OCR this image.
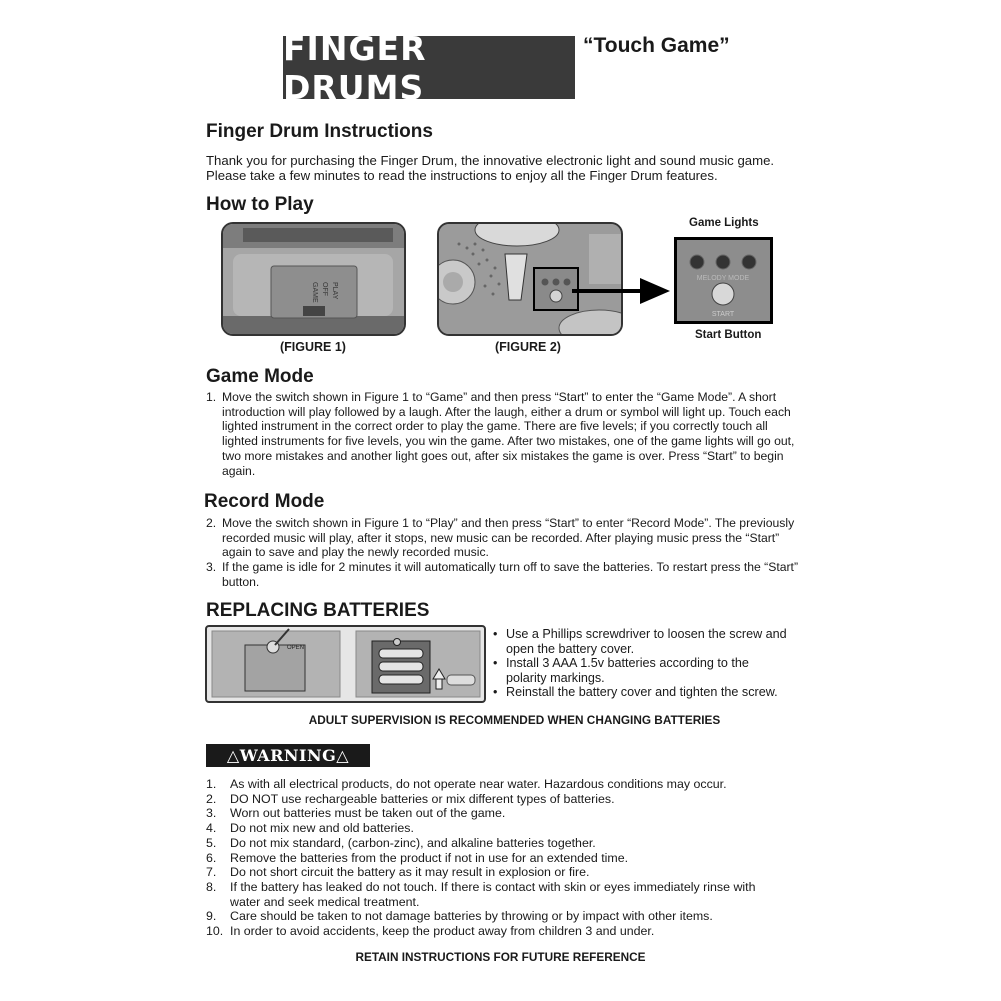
FINGER DRUMS
“Touch Game”
Finger Drum Instructions
Thank you for purchasing the Finger Drum, the innovative electronic light and sound music game. Please take a few minutes to read the instructions to enjoy all the Finger Drum features.
How to Play
PLAY
OFF
GAME
(FIGURE 1)	(FIGURE 2)
Game Lights
MELODY MODE
START
Start Button
Game Mode
1. Move the switch shown in Figure 1 to “Game” and then press “Start” to enter the “Game Mode”. A short introduction will play followed by a laugh. After the laugh, either a drum or symbol will light up. Touch each lighted instrument in the correct order to play the game. There are five levels; if you correctly touch all lighted instruments for five levels, you win the game. After two mistakes, one of the game lights will go out, two more mistakes and another light goes out, after six mistakes the game is over. Press “Start” to begin again.
Record Mode
2. Move the switch shown in Figure 1 to “Play” and then press “Start” to enter “Record Mode”. The previously recorded music will play, after it stops, new music can be recorded. After playing music press the “Start” again to save and play the newly recorded music.
3. If the game is idle for 2 minutes it will automatically turn off to save the batteries. To restart press the “Start” button.
REPLACING BATTERIES
OPEN
• Use a Phillips screwdriver to loosen the screw and open the battery cover.
• Install 3 AAA 1.5v batteries according to the polarity markings.
• Reinstall the battery cover and tighten the screw.
ADULT SUPERVISION IS RECOMMENDED WHEN CHANGING BATTERIES
△WARNING△
1. As with all electrical products, do not operate near water. Hazardous conditions may occur.
2. DO NOT use rechargeable batteries or mix different types of batteries.
3. Worn out batteries must be taken out of the game.
4. Do not mix new and old batteries.
5. Do not mix standard, (carbon-zinc), and alkaline batteries together.
6. Remove the batteries from the product if not in use for an extended time.
7. Do not short circuit the battery as it may result in explosion or fire.
8. If the battery has leaked do not touch. If there is contact with skin or eyes immediately rinse with water and seek medical treatment.
9. Care should be taken to not damage batteries by throwing or by impact with other items.
10. In order to avoid accidents, keep the product away from children 3 and under.
RETAIN INSTRUCTIONS FOR FUTURE REFERENCE
